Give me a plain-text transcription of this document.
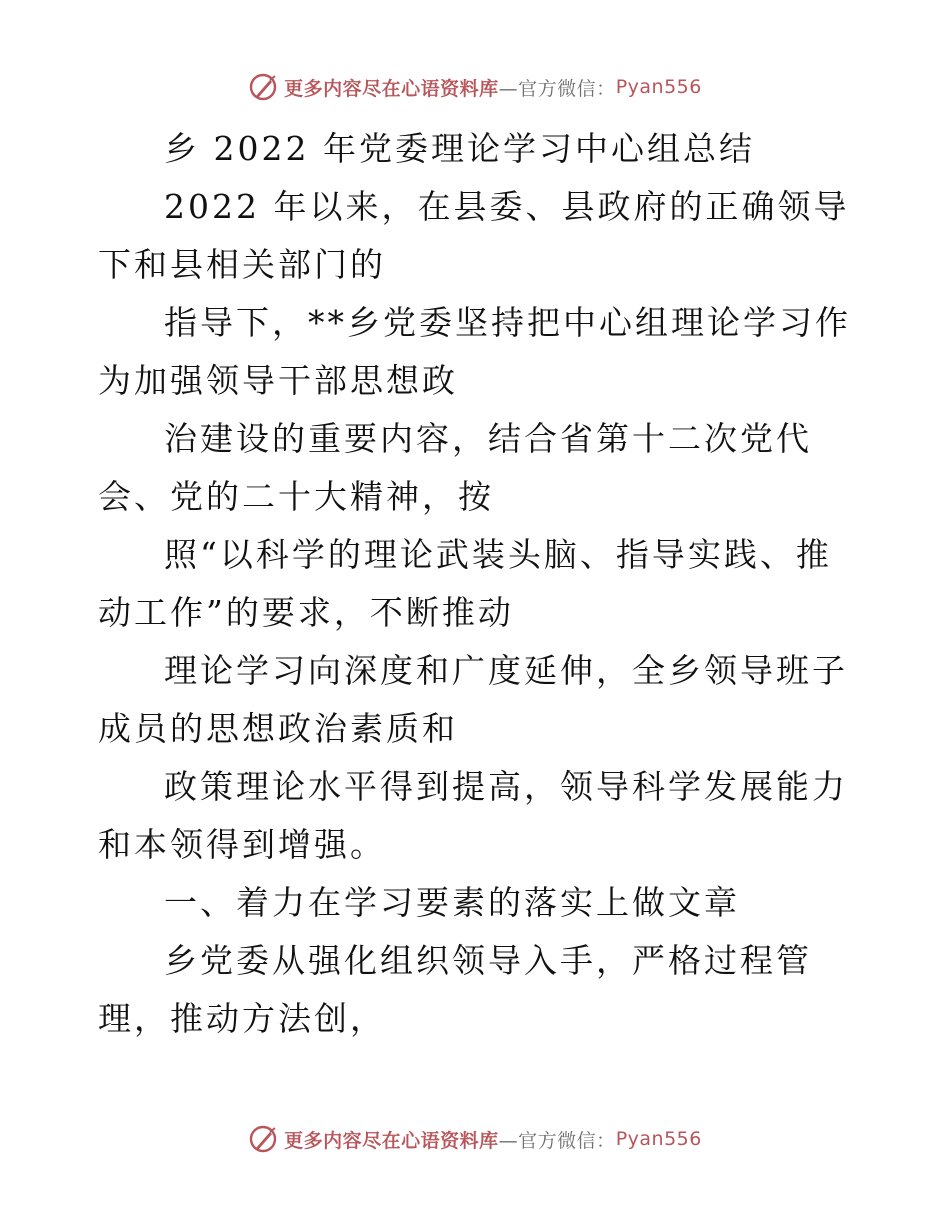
更多内容尽在心语资料库 —官方微信： Pyan556

乡 2022 年党委理论学习中心组总结

2022 年以来，在县委、县政府的正确领导下和县相关部门的

指导下，**乡党委坚持把中心组理论学习作为加强领导干部思想政

治建设的重要内容，结合省第十二次党代会、党的二十大精神，按

照“以科学的理论武装头脑、指导实践、推动工作”的要求，不断推动

理论学习向深度和广度延伸，全乡领导班子成员的思想政治素质和

政策理论水平得到提高，领导科学发展能力和本领得到增强。

一、着力在学习要素的落实上做文章

乡党委从强化组织领导入手，严格过程管理，推动方法创，

更多内容尽在心语资料库 —官方微信： Pyan556
